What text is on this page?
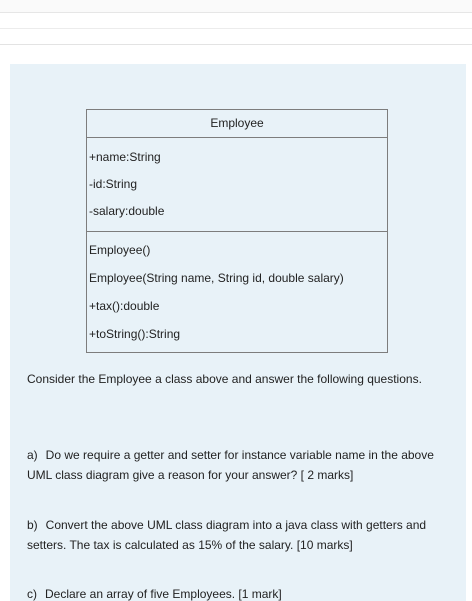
Employee
+name:String
-id:String
-salary:double
Employee()
Employee(String name, String id, double salary)
+tax():double
+toString():String
Consider the Employee a class above and answer the following questions.
a) Do we require a getter and setter for instance variable name in the above UML class diagram give a reason for your answer? [ 2 marks]
b) Convert the above UML class diagram into a java class with getters and setters. The tax is calculated as 15% of the salary. [10 marks]
c) Declare an array of five Employees. [1 mark]
